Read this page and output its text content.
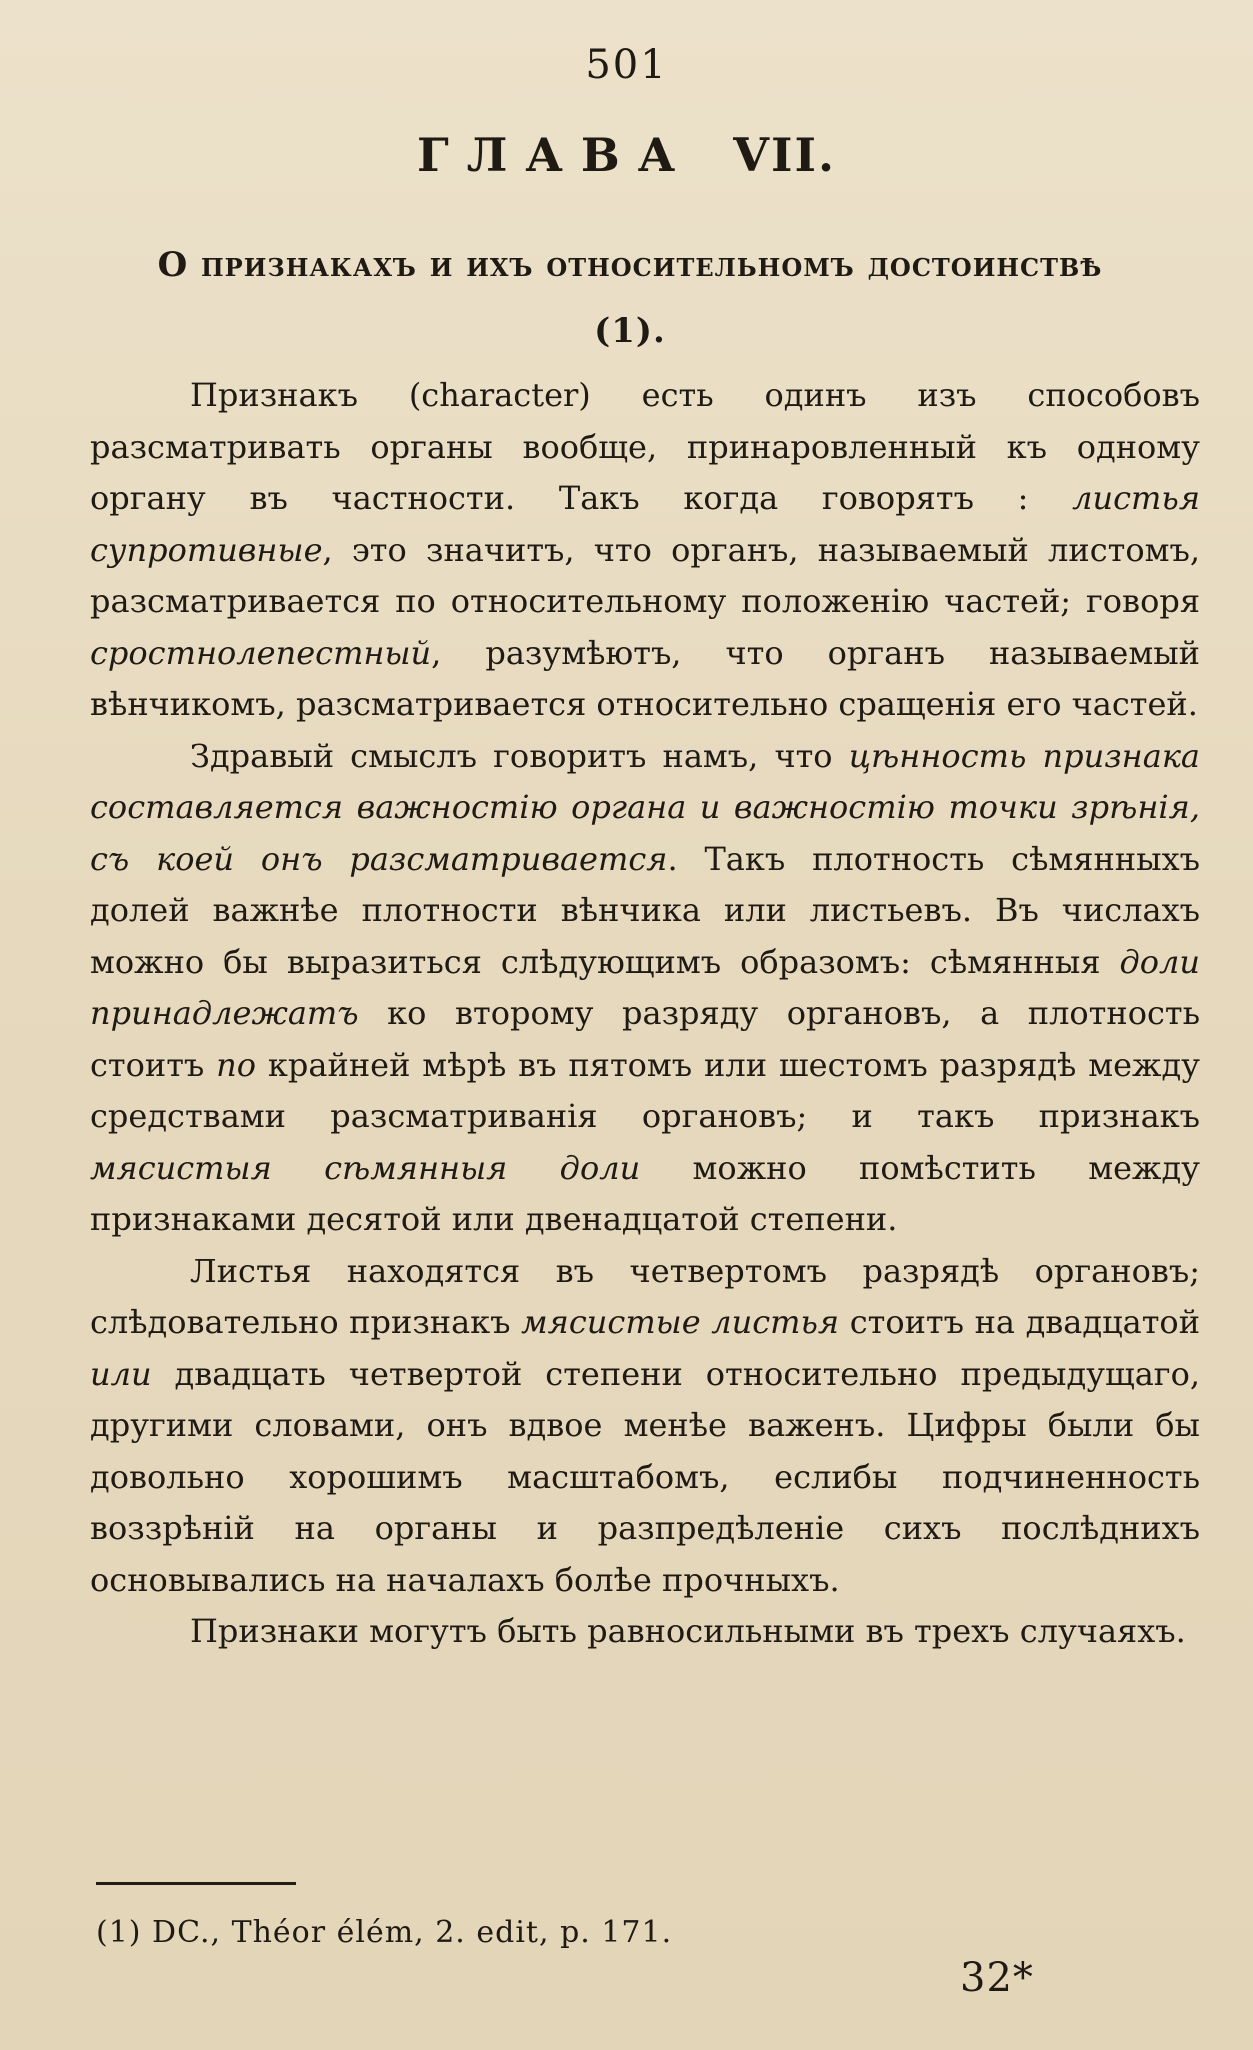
501
ГЛАВА VII.
О признакахъ и ихъ относительномъ достоинствѣ (1).

Признакъ (character) есть одинъ изъ способовъ разсматривать органы вообще, принаровленный къ одному органу въ частности. Такъ когда говорятъ : листья супротивные, это значитъ, что органъ, называемый листомъ, разсматривается по относительному положенію частей; говоря сростнолепестный, разумѣютъ, что органъ называемый вѣнчикомъ, разсматривается относительно сращенія его частей.

Здравый смыслъ говоритъ намъ, что цѣнность признака составляется важностію органа и важностію точки зрѣнія, съ коей онъ разсматривается. Такъ плотность сѣмянныхъ долей важнѣе плотности вѣнчика или листьевъ. Въ числахъ можно бы выразиться слѣдующимъ образомъ: сѣмянныя доли принадлежатъ ко второму разряду органовъ, а плотность стоитъ по крайней мѣрѣ въ пятомъ или шестомъ разрядѣ между средствами разсматриванія органовъ; и такъ признакъ мясистыя сѣмянныя доли можно помѣстить между признаками десятой или двенадцатой степени.

Листья находятся въ четвертомъ разрядѣ органовъ; слѣдовательно признакъ мясистые листья стоитъ на двадцатой или двадцать четвертой степени относительно предыдущаго, другими словами, онъ вдвое менѣе важенъ. Цифры были бы довольно хорошимъ масштабомъ, еслибы подчиненность воззрѣній на органы и разпредѣленіе сихъ послѣднихъ основывались на началахъ болѣе прочныхъ.

Признаки могутъ быть равносильными въ трехъ случаяхъ.

(1) DC., Théor élém, 2. edit, p. 171.
32*
